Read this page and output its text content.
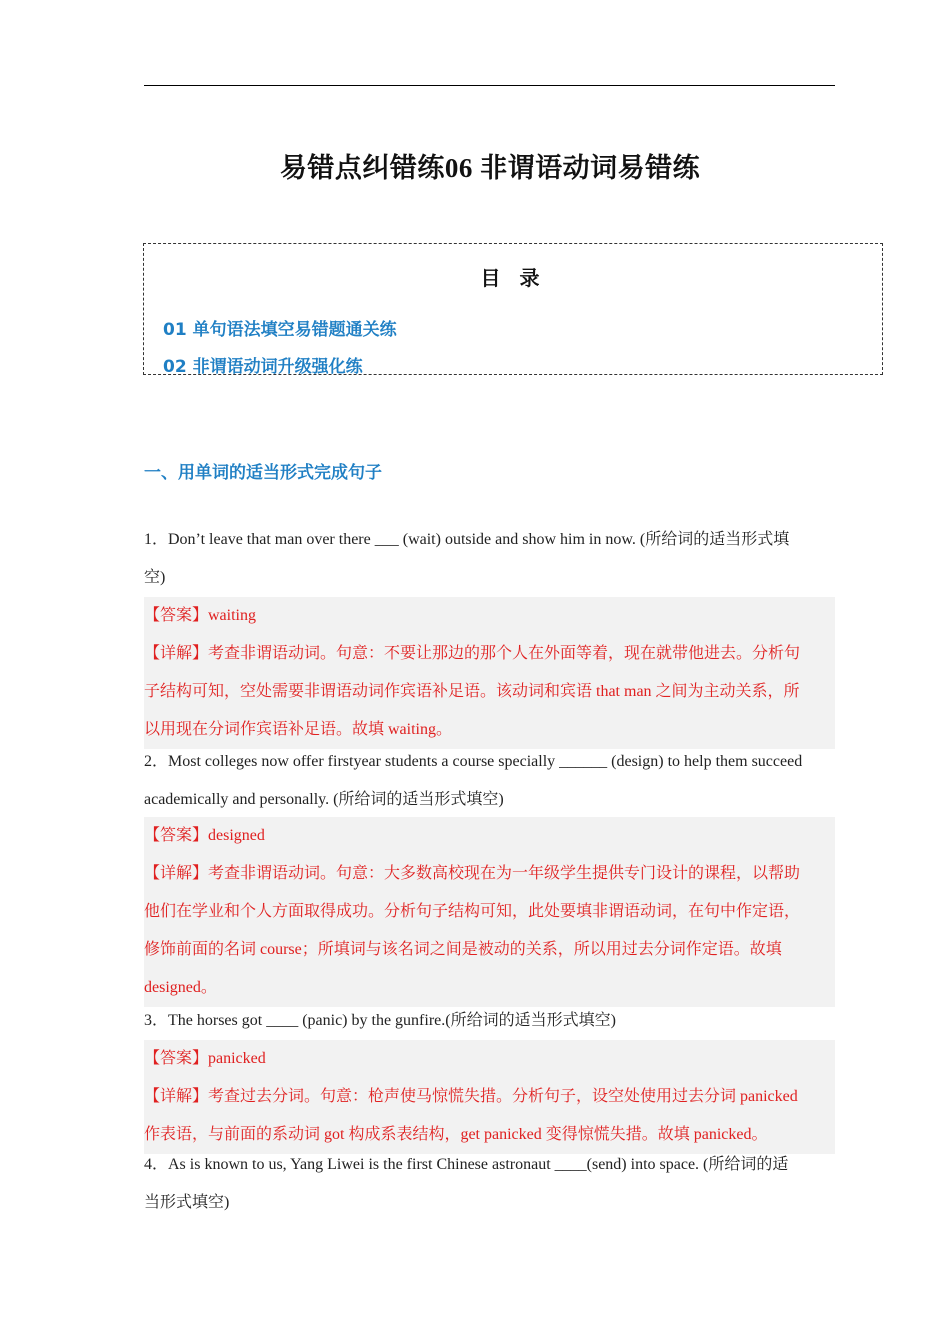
易错点纠错练06 非谓语动词易错练
目 录
01 单句语法填空易错题通关练
02 非谓语动词升级强化练
一、用单词的适当形式完成句子

1．Don’t leave that man over there ___ (wait) outside and show him in now. (所给词的适当形式填

空)

【答案】waiting

【详解】考查非谓语动词。句意：不要让那边的那个人在外面等着，现在就带他进去。分析句

子结构可知，空处需要非谓语动词作宾语补足语。该动词和宾语 that man 之间为主动关系，所

以用现在分词作宾语补足语。故填 waiting。

2．Most colleges now offer firstyear students a course specially ______ (design) to help them succeed

academically and personally. (所给词的适当形式填空)

【答案】designed

【详解】考查非谓语动词。句意：大多数高校现在为一年级学生提供专门设计的课程，以帮助

他们在学业和个人方面取得成功。分析句子结构可知，此处要填非谓语动词，在句中作定语，

修饰前面的名词 course；所填词与该名词之间是被动的关系，所以用过去分词作定语。故填

designed。

3．The horses got ____ (panic) by the gunfire.(所给词的适当形式填空)

【答案】panicked

【详解】考查过去分词。句意：枪声使马惊慌失措。分析句子，设空处使用过去分词 panicked

作表语，与前面的系动词 got 构成系表结构，get panicked 变得惊慌失措。故填 panicked。

4．As is known to us, Yang Liwei is the first Chinese astronaut ____(send) into space. (所给词的适

当形式填空)
